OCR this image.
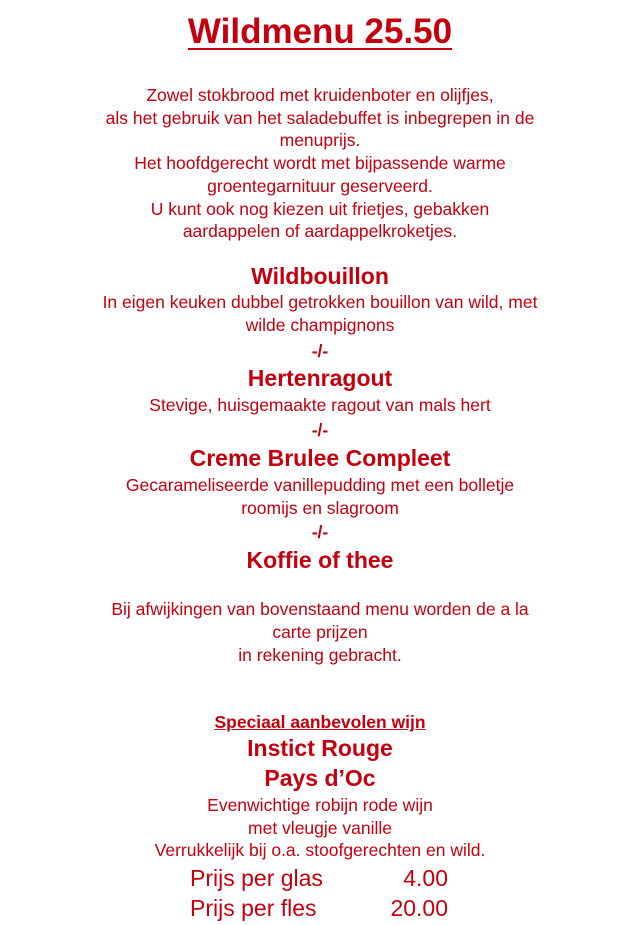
Wildmenu 25.50
Zowel stokbrood met kruidenboter en olijfjes,
als het gebruik van het saladebuffet is inbegrepen in de
menuprijs.
Het hoofdgerecht wordt met bijpassende warme
groentegarnituur geserveerd.
U kunt ook nog kiezen uit frietjes, gebakken
aardappelen of aardappelkroketjes.
Wildbouillon
In eigen keuken dubbel getrokken bouillon van wild, met
wilde champignons
-/-
Hertenragout
Stevige, huisgemaakte ragout van mals hert
-/-
Creme Brulee Compleet
Gecarameliseerde vanillepudding met een bolletje
roomijs en slagroom
-/-
Koffie of thee
Bij afwijkingen van bovenstaand menu worden de a la
carte prijzen
in rekening gebracht.
Speciaal aanbevolen wijn
Instict Rouge
Pays d’Oc
Evenwichtige robijn rode wijn
met vleugje vanille
Verrukkelijk bij o.a. stoofgerechten en wild.
Prijs per glas	4.00
Prijs per fles	20.00
